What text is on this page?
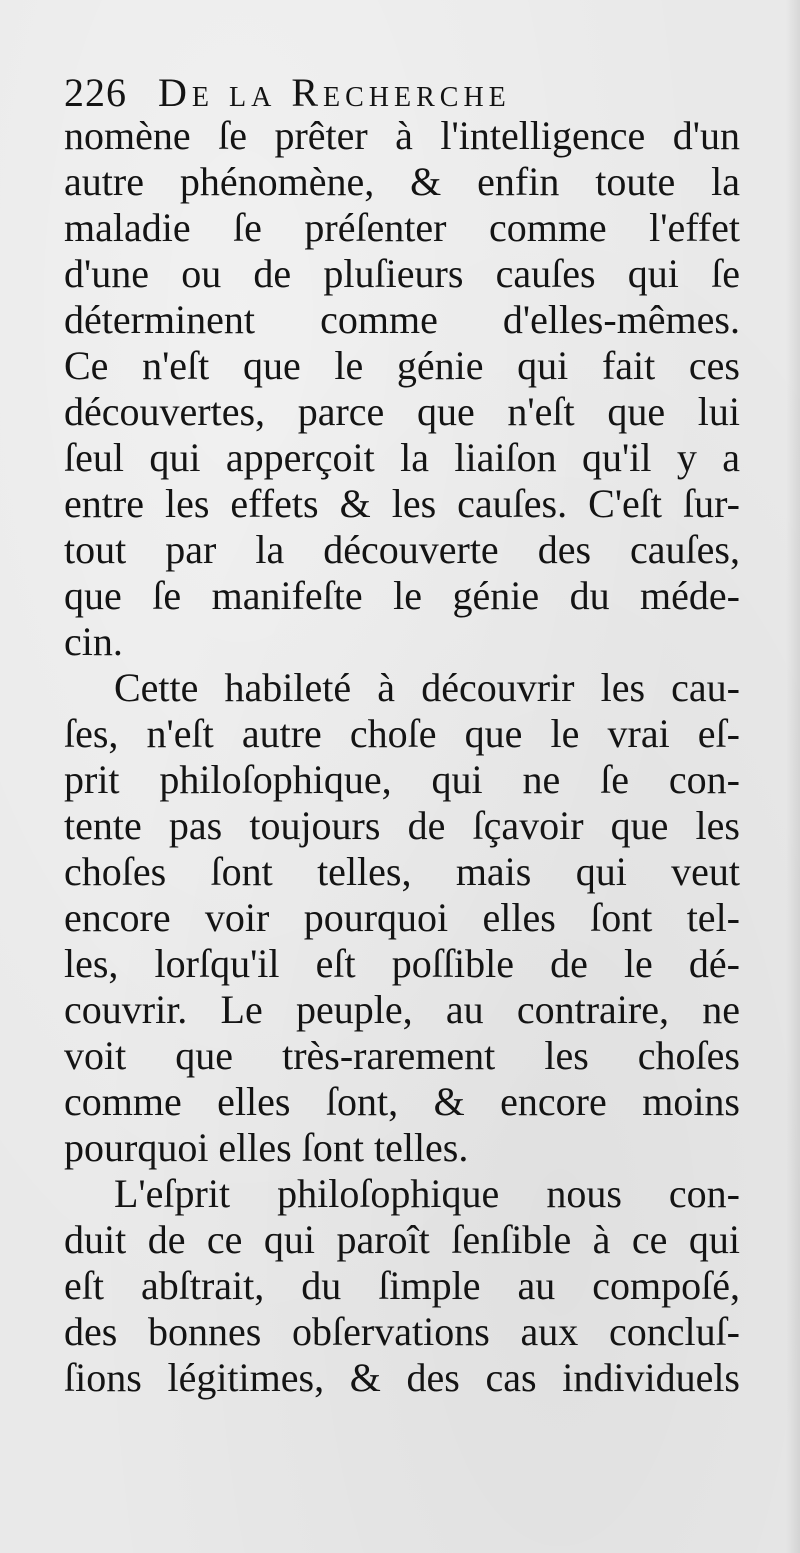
226 De la Recherche
nomène ſe prêter à l'intelligence d'un
autre phénomène, & enfin toute la
maladie ſe préſenter comme l'effet
d'une ou de pluſieurs cauſes qui ſe
déterminent comme d'elles-mêmes.
Ce n'eſt que le génie qui fait ces
découvertes, parce que n'eſt que lui
ſeul qui apperçoit la liaiſon qu'il y a
entre les effets & les cauſes. C'eſt ſur-
tout par la découverte des cauſes,
que ſe manifeſte le génie du méde-
cin.
Cette habileté à découvrir les cau-
ſes, n'eſt autre choſe que le vrai eſ-
prit philoſophique, qui ne ſe con-
tente pas toujours de ſçavoir que les
choſes ſont telles, mais qui veut
encore voir pourquoi elles ſont tel-
les, lorſqu'il eſt poſſible de le dé-
couvrir. Le peuple, au contraire, ne
voit que très-rarement les choſes
comme elles ſont, & encore moins
pourquoi elles ſont telles.
L'eſprit philoſophique nous con-
duit de ce qui paroît ſenſible à ce qui
eſt abſtrait, du ſimple au compoſé,
des bonnes obſervations aux concluſ-
ſions légitimes, & des cas individuels
